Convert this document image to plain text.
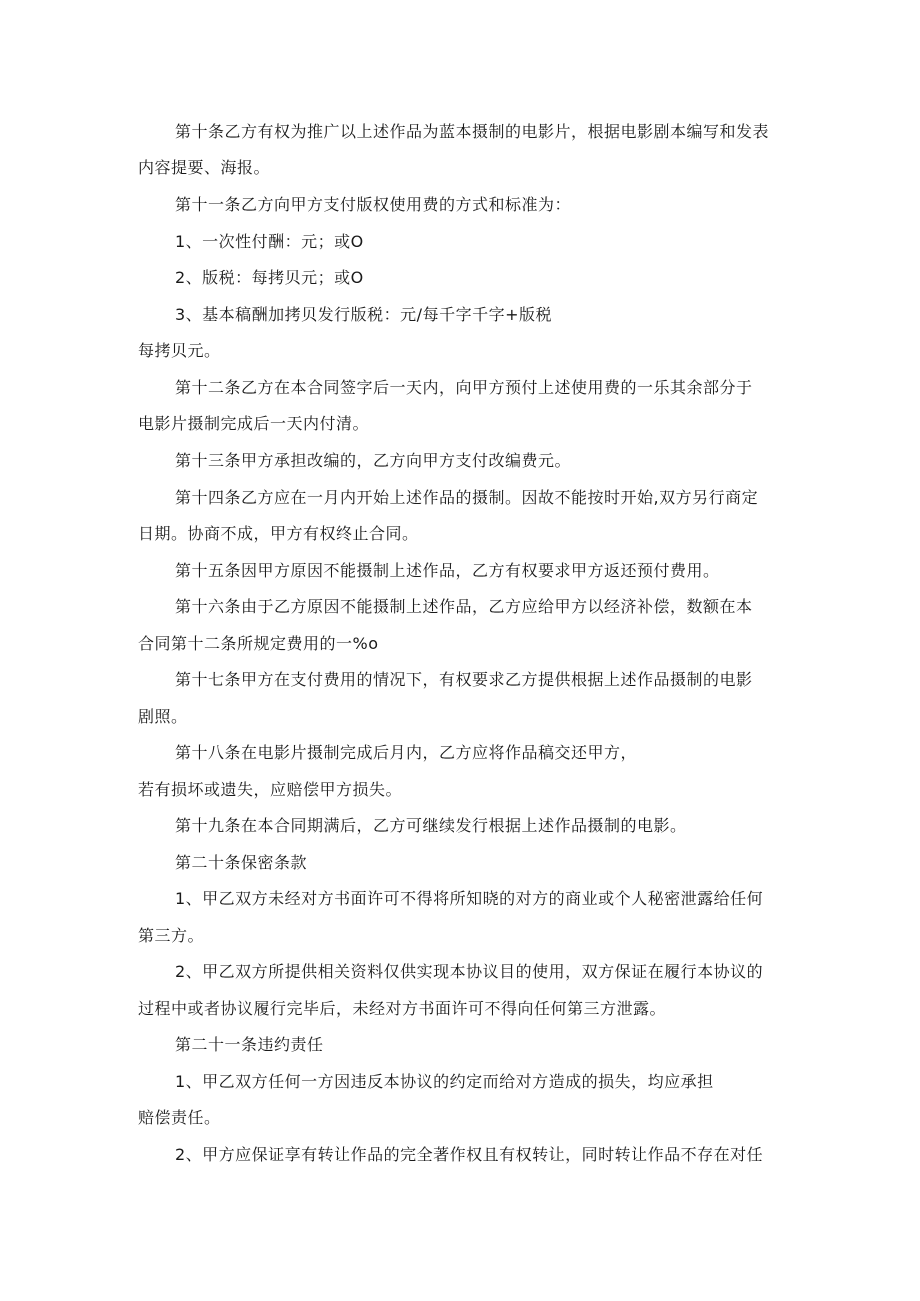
第十条乙方有权为推广以上述作品为蓝本摄制的电影片，根据电影剧本编写和发表
内容提要、海报。
第十一条乙方向甲方支付版权使用费的方式和标准为：
1、一次性付酬：元；或O
2、版税：每拷贝元；或O
3、基本稿酬加拷贝发行版税：元/每千字千字+版税
每拷贝元。
第十二条乙方在本合同签字后一天内，向甲方预付上述使用费的一乐其余部分于
电影片摄制完成后一天内付清。
第十三条甲方承担改编的，乙方向甲方支付改编费元。
第十四条乙方应在一月内开始上述作品的摄制。因故不能按时开始,双方另行商定
日期。协商不成，甲方有权终止合同。
第十五条因甲方原因不能摄制上述作品，乙方有权要求甲方返还预付费用。
第十六条由于乙方原因不能摄制上述作品，乙方应给甲方以经济补偿，数额在本
合同第十二条所规定费用的一%o
第十七条甲方在支付费用的情况下，有权要求乙方提供根据上述作品摄制的电影
剧照。
第十八条在电影片摄制完成后月内，乙方应将作品稿交还甲方，
若有损坏或遗失，应赔偿甲方损失。
第十九条在本合同期满后，乙方可继续发行根据上述作品摄制的电影。
第二十条保密条款
1、甲乙双方未经对方书面许可不得将所知晓的对方的商业或个人秘密泄露给任何
第三方。
2、甲乙双方所提供相关资料仅供实现本协议目的使用，双方保证在履行本协议的
过程中或者协议履行完毕后，未经对方书面许可不得向任何第三方泄露。
第二十一条违约责任
1、甲乙双方任何一方因违反本协议的约定而给对方造成的损失，均应承担
赔偿责任。
2、甲方应保证享有转让作品的完全著作权且有权转让，同时转让作品不存在对任
